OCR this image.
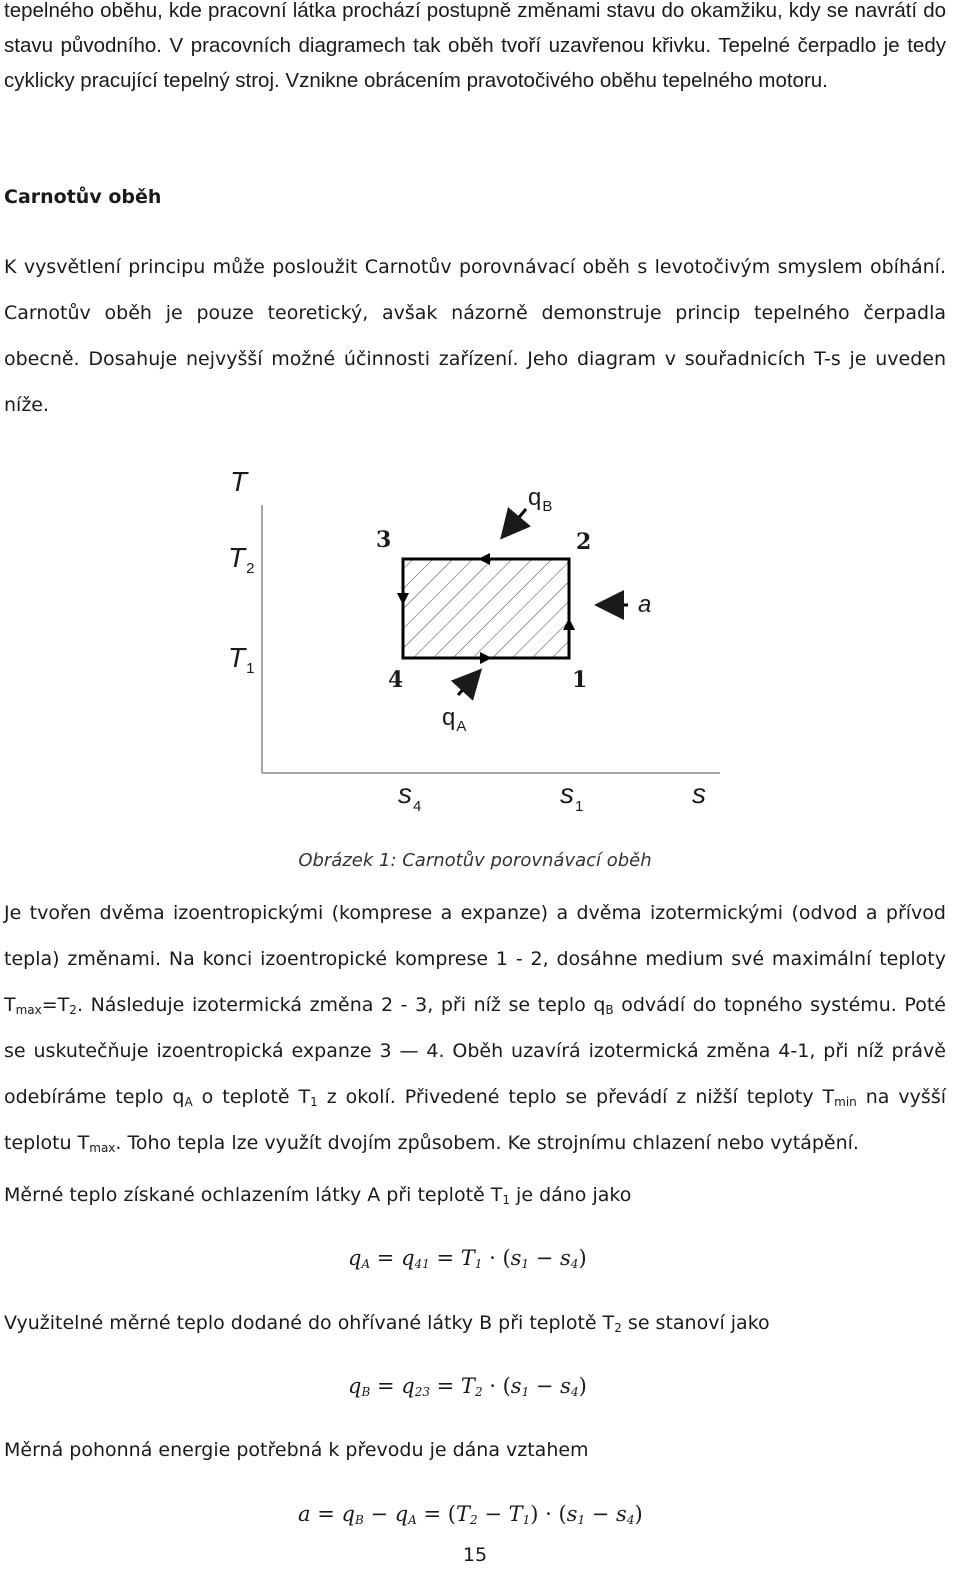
tepelného oběhu, kde pracovní látka prochází postupně změnami stavu do okamžiku, kdy se navrátí do stavu původního. V pracovních diagramech tak oběh tvoří uzavřenou křivku. Tepelné čerpadlo je tedy cyklicky pracující tepelný stroj. Vznikne obrácením pravotočivého oběhu tepelného motoru.

Carnotův oběh

K vysvětlení principu může posloužit Carnotův porovnávací oběh s levotočivým smyslem obíhání. Carnotův oběh je pouze teoretický, avšak názorně demonstruje princip tepelného čerpadla obecně. Dosahuje nejvyšší možné účinnosti zařízení. Jeho diagram v souřadnicích T-s je uveden níže.

T
$T_2$
$T_1$
$s_4$	$s_1$	s
3	2
4	1
$q_B$
$q_A$
a
Obrázek 1: Carnotův porovnávací oběh

Je tvořen dvěma izoentropickými (komprese a expanze) a dvěma izotermickými (odvod a přívod tepla) změnami. Na konci izoentropické komprese 1 - 2, dosáhne medium své maximální teploty $T_{max}=T_2$. Následuje izotermická změna 2 - 3, při níž se teplo $q_B$ odvádí do topného systému. Poté se uskutečňuje izoentropická expanze 3 — 4. Oběh uzavírá izotermická změna 4-1, při níž právě odebíráme teplo $q_A$ o teplotě $T_1$ z okolí. Přivedené teplo se převádí z nižší teploty $T_{min}$ na vyšší teplotu $T_{max}$. Toho tepla lze využít dvojím způsobem. Ke strojnímu chlazení nebo vytápění.

Měrné teplo získané ochlazením látky A při teplotě $T_1$ je dáno jako

$q_A = q_{41} = T_1 \cdot (s_1 - s_4)$

Využitelné měrné teplo dodané do ohřívané látky B při teplotě $T_2$ se stanoví jako

$q_B = q_{23} = T_2 \cdot (s_1 - s_4)$

Měrná pohonná energie potřebná k převodu je dána vztahem

$a = q_B - q_A = (T_2 - T_1) \cdot (s_1 - s_4)$
15
